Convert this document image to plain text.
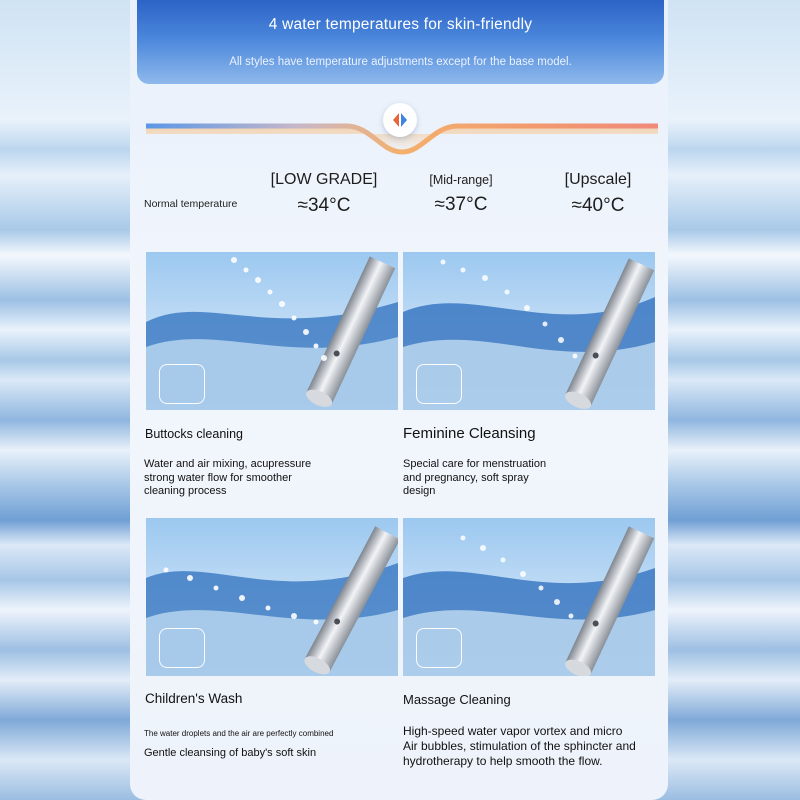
4 water temperatures for skin-friendly
All styles have temperature adjustments except for the base model.
Normal temperature
[LOW GRADE]
≈34°C
[Mid-range]
≈37°C
[Upscale]
≈40°C
Buttocks cleaning
Water and air mixing, acupressure
strong water flow for smoother
cleaning process
Feminine Cleansing
Special care for menstruation
and pregnancy, soft spray
design
Children's Wash
The water droplets and the air are perfectly combined
Gentle cleansing of baby's soft skin
Massage Cleaning
High-speed water vapor vortex and micro
Air bubbles, stimulation of the sphincter and
hydrotherapy to help smooth the flow.
